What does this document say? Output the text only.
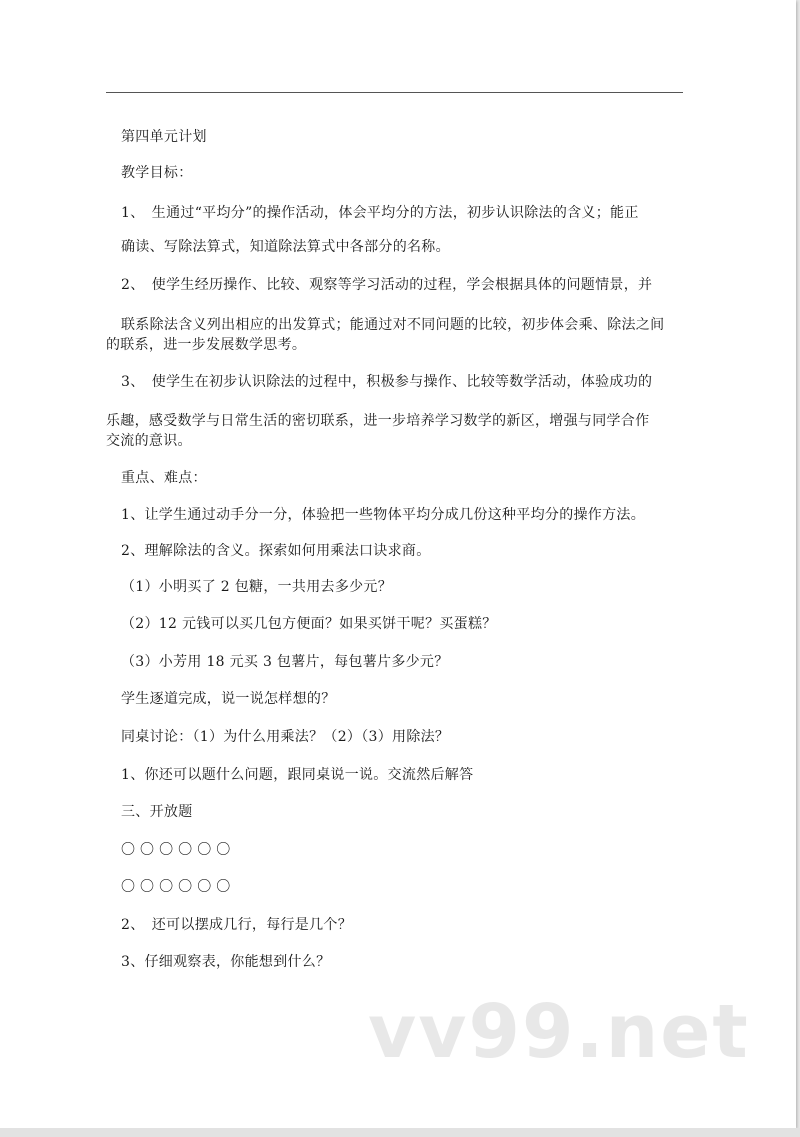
第四单元计划
教学目标：
1、　生通过“平均分”的操作活动，体会平均分的方法，初步认识除法的含义；能正
确读、写除法算式，知道除法算式中各部分的名称。
2、　使学生经历操作、比较、观察等学习活动的过程，学会根据具体的问题情景，并
联系除法含义列出相应的出发算式；能通过对不同问题的比较，初步体会乘、除法之间
的联系，进一步发展数学思考。
3、　使学生在初步认识除法的过程中，积极参与操作、比较等数学活动，体验成功的
乐趣，感受数学与日常生活的密切联系，进一步培养学习数学的新区，增强与同学合作
交流的意识。
重点、难点：
1、让学生通过动手分一分，体验把一些物体平均分成几份这种平均分的操作方法。
2、理解除法的含义。探索如何用乘法口诀求商。
（1）小明买了 2 包糖，一共用去多少元？
（2）12 元钱可以买几包方便面？如果买饼干呢？买蛋糕？
（3）小芳用 18 元买 3 包薯片，每包薯片多少元？
学生逐道完成，说一说怎样想的？
同桌讨论：（1）为什么用乘法？（2）（3）用除法？
1、你还可以题什么问题，跟同桌说一说。交流然后解答
三、开放题
〇 〇 〇 〇 〇 〇
〇 〇 〇 〇 〇 〇
2、　还可以摆成几行，每行是几个？
3、仔细观察表，你能想到什么？
vv99.net
